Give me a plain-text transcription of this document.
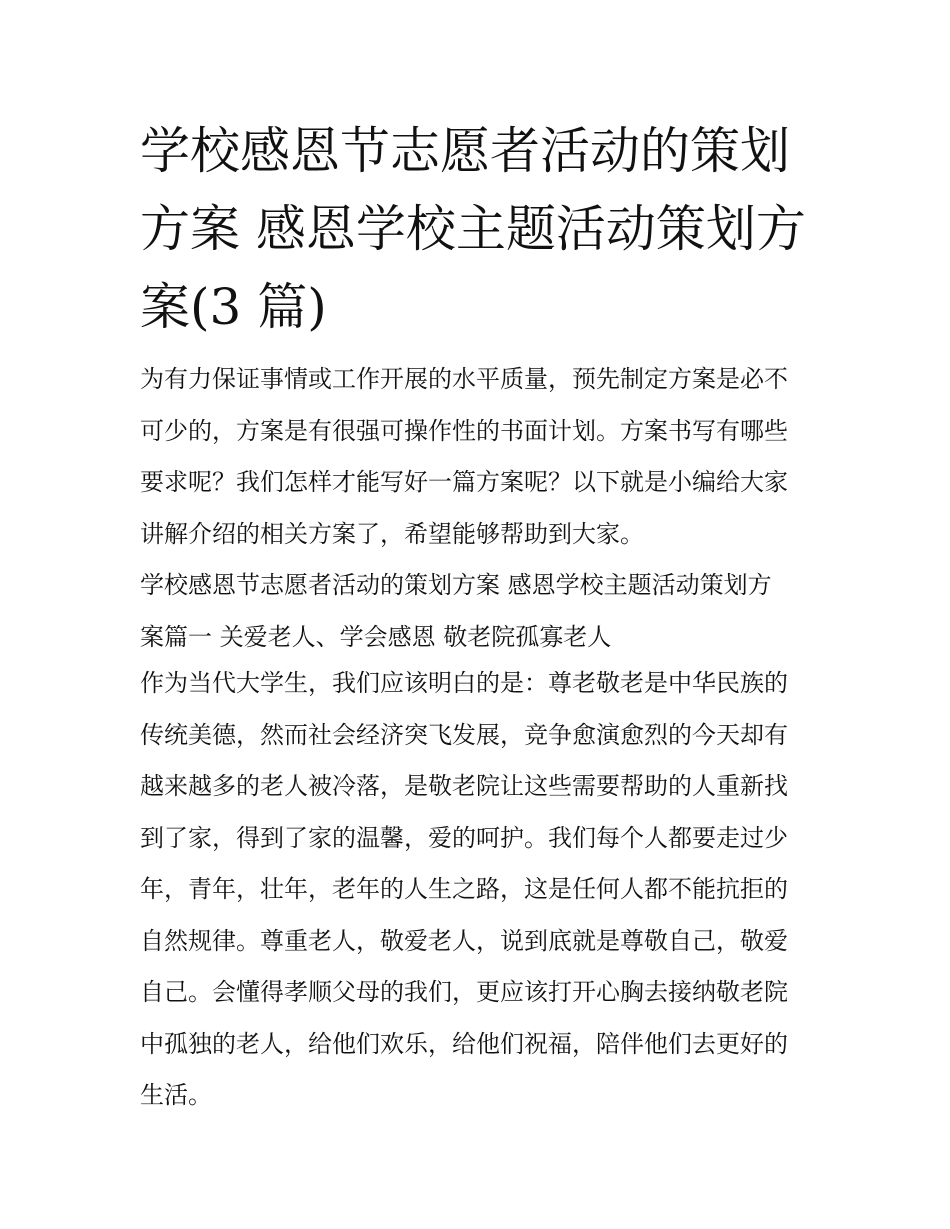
学校感恩节志愿者活动的策划
方案 感恩学校主题活动策划方
案(3 篇)

为有力保证事情或工作开展的水平质量，预先制定方案是必不
可少的，方案是有很强可操作性的书面计划。方案书写有哪些
要求呢？我们怎样才能写好一篇方案呢？以下就是小编给大家
讲解介绍的相关方案了，希望能够帮助到大家。

学校感恩节志愿者活动的策划方案 感恩学校主题活动策划方
案篇一 关爱老人、学会感恩 敬老院孤寡老人

作为当代大学生，我们应该明白的是：尊老敬老是中华民族的
传统美德，然而社会经济突飞发展，竞争愈演愈烈的今天却有
越来越多的老人被冷落，是敬老院让这些需要帮助的人重新找
到了家，得到了家的温馨，爱的呵护。我们每个人都要走过少
年，青年，壮年，老年的人生之路，这是任何人都不能抗拒的
自然规律。尊重老人，敬爱老人，说到底就是尊敬自己，敬爱
自己。会懂得孝顺父母的我们，更应该打开心胸去接纳敬老院
中孤独的老人，给他们欢乐，给他们祝福，陪伴他们去更好的
生活。
